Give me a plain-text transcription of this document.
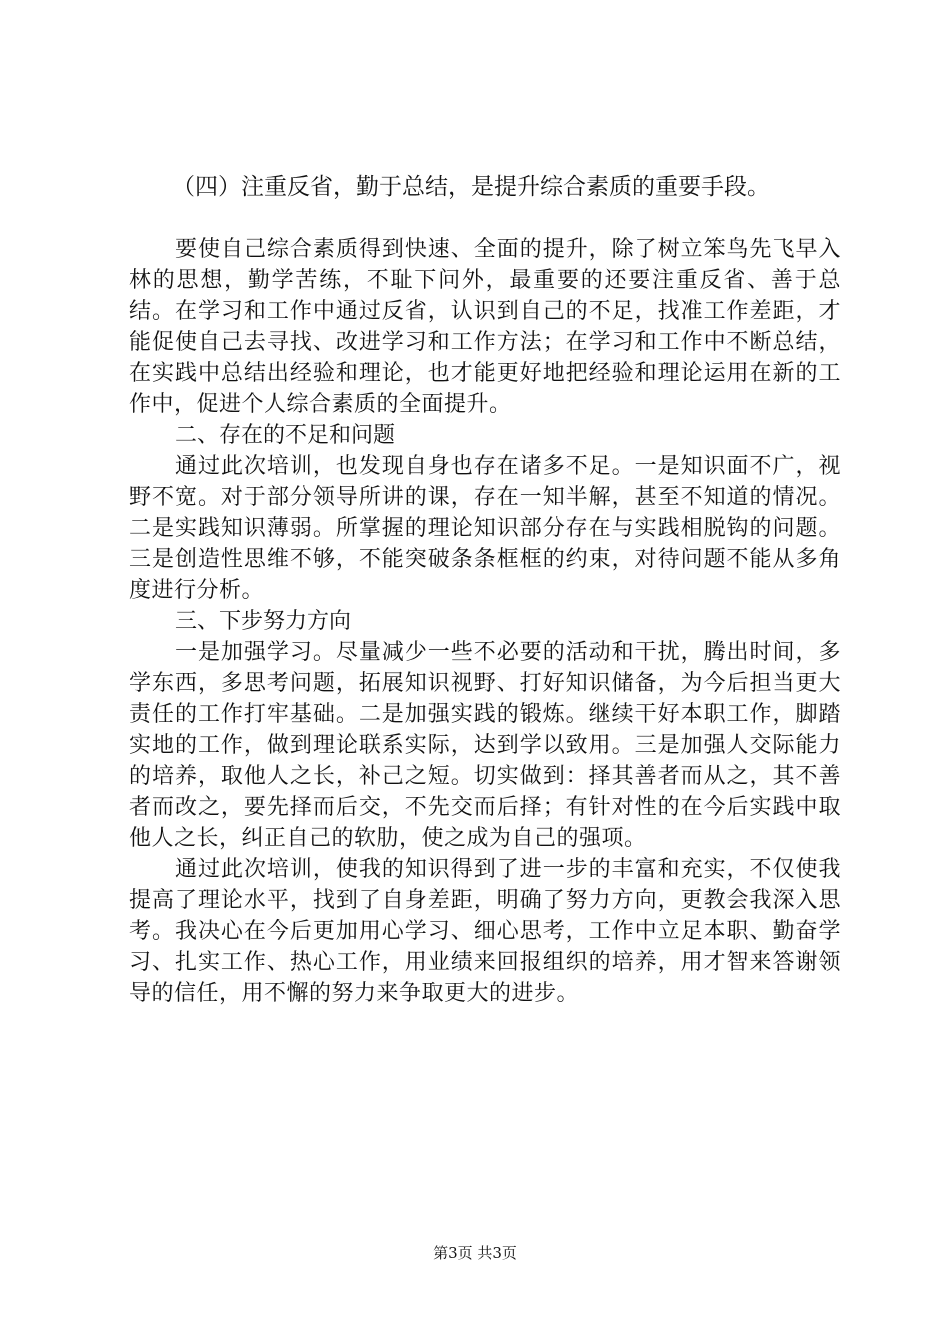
（四）注重反省，勤于总结，是提升综合素质的重要手段。

要使自己综合素质得到快速、全面的提升，除了树立笨鸟先飞早入林的思想，勤学苦练，不耻下问外，最重要的还要注重反省、善于总结。在学习和工作中通过反省，认识到自己的不足，找准工作差距，才能促使自己去寻找、改进学习和工作方法；在学习和工作中不断总结，在实践中总结出经验和理论，也才能更好地把经验和理论运用在新的工作中，促进个人综合素质的全面提升。

二、存在的不足和问题

通过此次培训，也发现自身也存在诸多不足。一是知识面不广，视野不宽。对于部分领导所讲的课，存在一知半解，甚至不知道的情况。二是实践知识薄弱。所掌握的理论知识部分存在与实践相脱钩的问题。三是创造性思维不够，不能突破条条框框的约束，对待问题不能从多角度进行分析。

三、下步努力方向

一是加强学习。尽量减少一些不必要的活动和干扰，腾出时间，多学东西，多思考问题，拓展知识视野、打好知识储备，为今后担当更大责任的工作打牢基础。二是加强实践的锻炼。继续干好本职工作，脚踏实地的工作，做到理论联系实际，达到学以致用。三是加强人交际能力的培养，取他人之长，补己之短。切实做到：择其善者而从之，其不善者而改之，要先择而后交，不先交而后择；有针对性的在今后实践中取他人之长，纠正自己的软肋，使之成为自己的强项。

通过此次培训，使我的知识得到了进一步的丰富和充实，不仅使我提高了理论水平，找到了自身差距，明确了努力方向，更教会我深入思考。我决心在今后更加用心学习、细心思考，工作中立足本职、勤奋学习、扎实工作、热心工作，用业绩来回报组织的培养，用才智来答谢领导的信任，用不懈的努力来争取更大的进步。

第3页 共3页
